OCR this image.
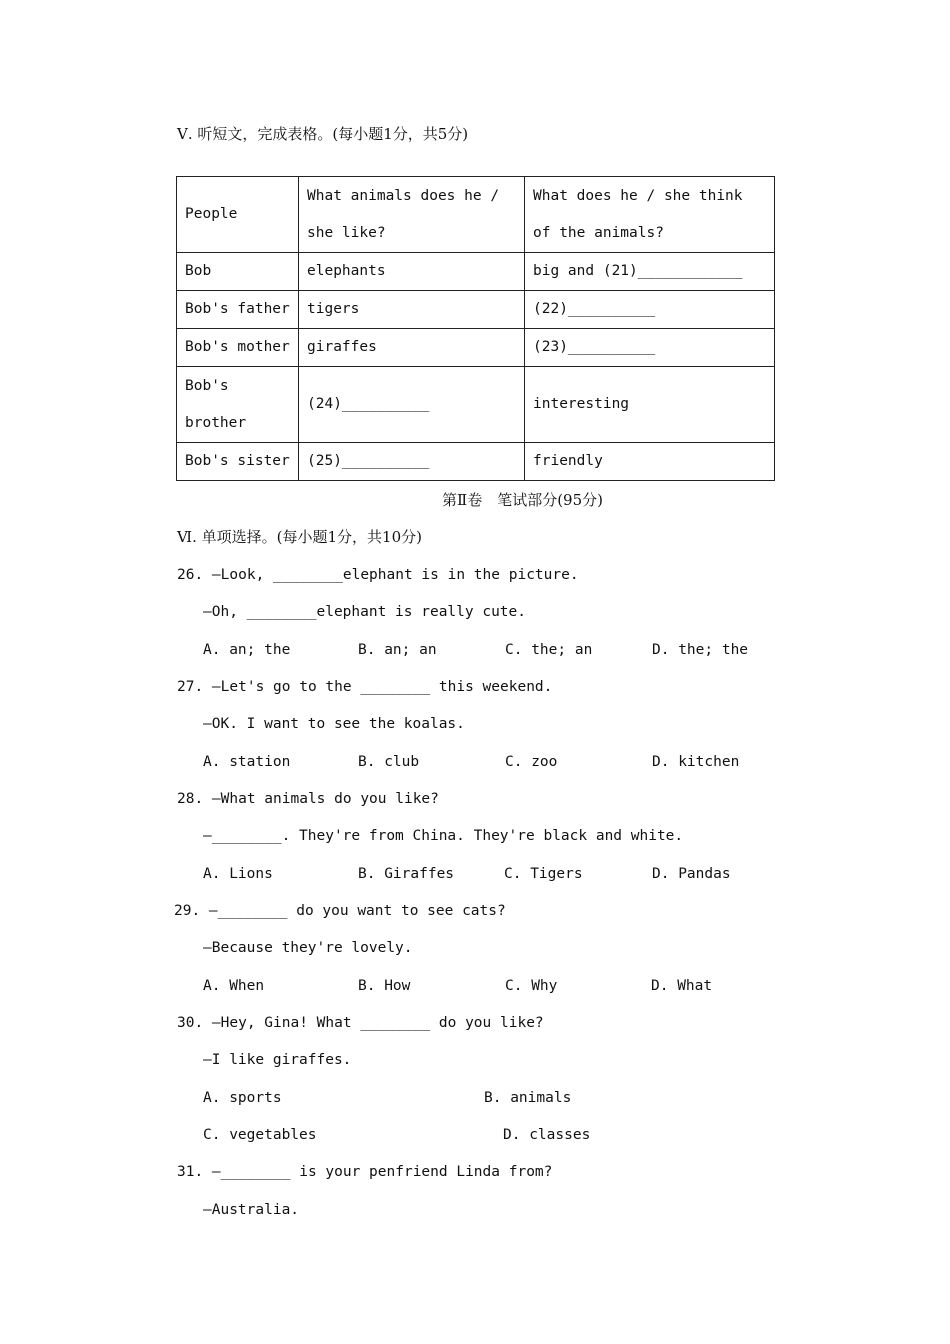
Ⅴ. 听短文，完成表格。(每小题1分，共5分)
People	What animals does he / she like?	What does he / she think of the animals?
Bob	elephants	big and (21)____________
Bob's father	tigers	(22)__________
Bob's mother	giraffes	(23)__________
Bob's brother	(24)__________	interesting
Bob's sister	(25)__________	friendly
第Ⅱ卷　笔试部分(95分)
Ⅵ. 单项选择。(每小题1分，共10分)
26. —Look, ________elephant is in the picture.
—Oh, ________elephant is really cute.
A. an; the	B. an; an	C. the; an	D. the; the
27. —Let's go to the ________ this weekend.
—OK. I want to see the koalas.
A. station	B. club	C. zoo	D. kitchen
28. —What animals do you like?
—________. They're from China. They're black and white.
A. Lions	B. Giraffes	C. Tigers	D. Pandas
29. —________ do you want to see cats?
—Because they're lovely.
A. When	B. How	C. Why	D. What
30. —Hey, Gina! What ________ do you like?
—I like giraffes.
A. sports	B. animals
C. vegetables	D. classes
31. —________ is your penfriend Linda from?
—Australia.
